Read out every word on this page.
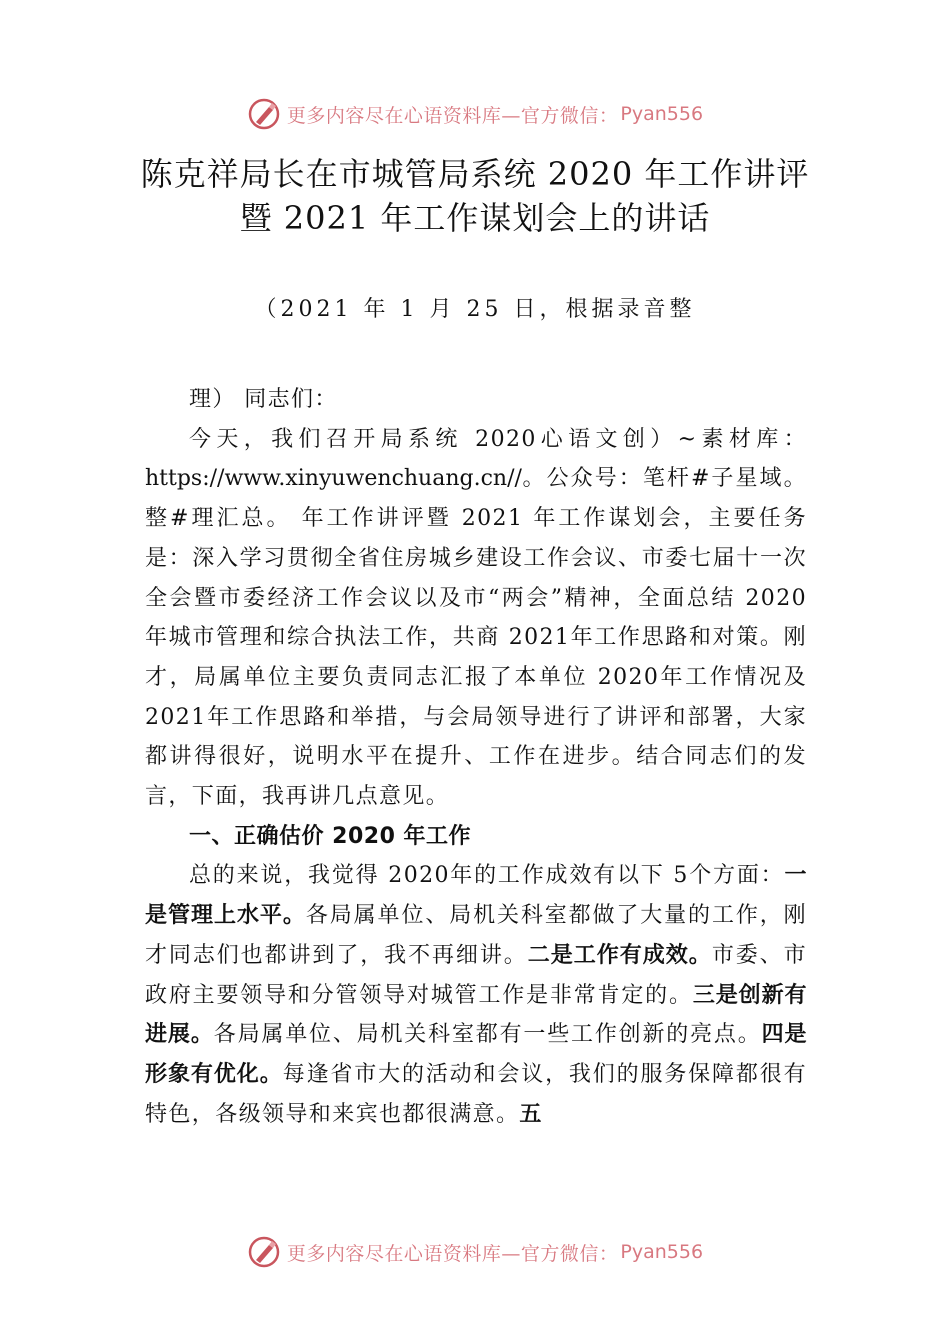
更多内容尽在心语资料库—官方微信： Pyan556
陈克祥局长在市城管局系统 2020 年工作讲评暨 2021 年工作谋划会上的讲话
（2021 年 1 月 25 日，根据录音整

理） 同志们：

今天，我们召开局系统 2020心语文创）~素材库：https://www.xinyuwenchuang.cn//。公众号：笔杆#子星域。整#理汇总。 年工作讲评暨 2021 年工作谋划会，主要任务是：深入学习贯彻全省住房城乡建设工作会议、市委七届十一次全会暨市委经济工作会议以及市“两会”精神，全面总结 2020 年城市管理和综合执法工作，共商 2021年工作思路和对策。刚才，局属单位主要负责同志汇报了本单位 2020年工作情况及 2021年工作思路和举措，与会局领导进行了讲评和部署，大家都讲得很好，说明水平在提升、工作在进步。结合同志们的发言，下面，我再讲几点意见。

一、正确估价 2020 年工作

总的来说，我觉得 2020年的工作成效有以下 5个方面：一是管理上水平。各局属单位、局机关科室都做了大量的工作，刚才同志们也都讲到了，我不再细讲。二是工作有成效。市委、市政府主要领导和分管领导对城管工作是非常肯定的。三是创新有进展。各局属单位、局机关科室都有一些工作创新的亮点。四是形象有优化。每逢省市大的活动和会议，我们的服务保障都很有特色，各级领导和来宾也都很满意。五

更多内容尽在心语资料库—官方微信： Pyan556
